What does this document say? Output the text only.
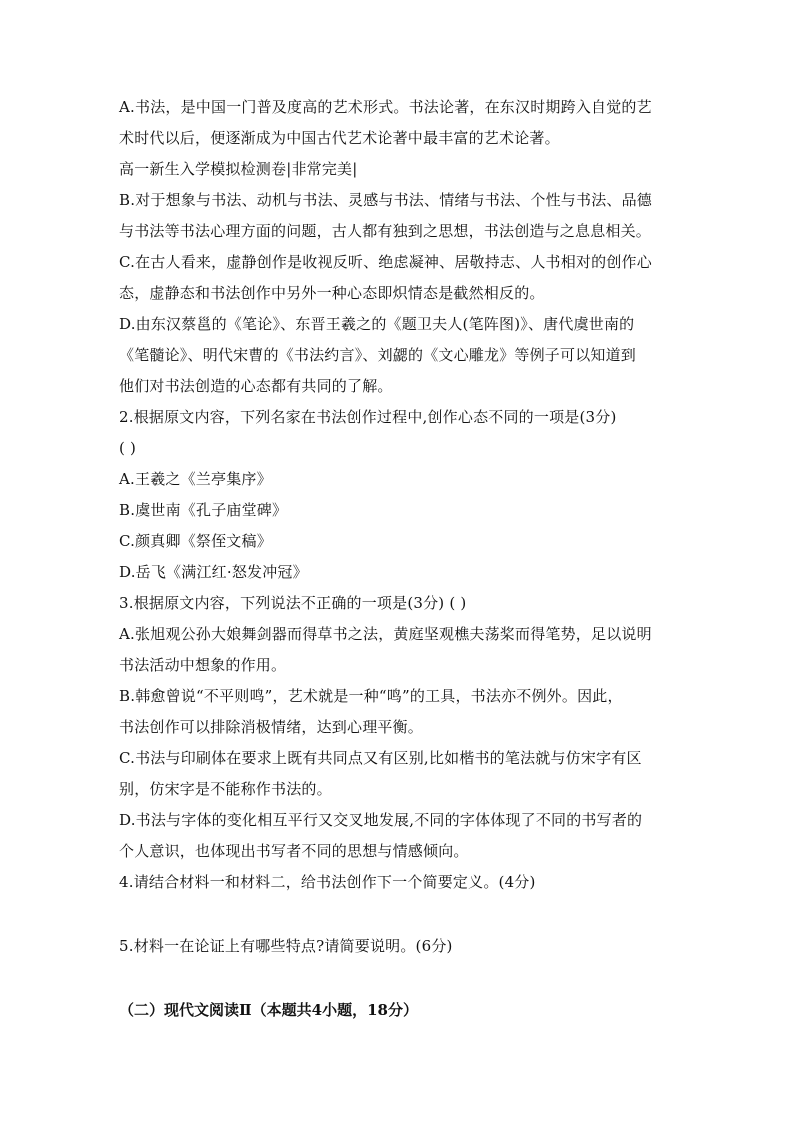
A.书法，是中国一门普及度高的艺术形式。书法论著，在东汉时期跨入自觉的艺
术时代以后，便逐渐成为中国古代艺术论著中最丰富的艺术论著。
高一新生入学模拟检测卷|非常完美|
B.对于想象与书法、动机与书法、灵感与书法、情绪与书法、个性与书法、品德
与书法等书法心理方面的问题，古人都有独到之思想，书法创造与之息息相关。
C.在古人看来，虚静创作是收视反听、绝虑凝神、居敬持志、人书相对的创作心
态，虚静态和书法创作中另外一种心态即炽情态是截然相反的。
D.由东汉蔡邕的《笔论》、东晋王羲之的《题卫夫人(笔阵图)》、唐代虞世南的
《笔髓论》、明代宋曹的《书法约言》、刘勰的《文心雕龙》等例子可以知道到
他们对书法创造的心态都有共同的了解。
2.根据原文内容，下列名家在书法创作过程中,创作心态不同的一项是(3分)
( )
A.王羲之《兰亭集序》
B.虞世南《孔子庙堂碑》
C.颜真卿《祭侄文稿》
D.岳飞《满江红·怒发冲冠》
3.根据原文内容，下列说法不正确的一项是(3分) ( )
A.张旭观公孙大娘舞剑器而得草书之法，黄庭坚观樵夫荡桨而得笔势，足以说明
书法活动中想象的作用。
B.韩愈曾说“不平则鸣”，艺术就是一种“鸣”的工具，书法亦不例外。因此，
书法创作可以排除消极情绪，达到心理平衡。
C.书法与印刷体在要求上既有共同点又有区别,比如楷书的笔法就与仿宋字有区
别，仿宋字是不能称作书法的。
D.书法与字体的变化相互平行又交叉地发展,不同的字体体现了不同的书写者的
个人意识，也体现出书写者不同的思想与情感倾向。
4.请结合材料一和材料二，给书法创作下一个简要定义。(4分)
5.材料一在论证上有哪些特点?请简要说明。(6分)
（二）现代文阅读Ⅱ（本题共4小题，18分）
